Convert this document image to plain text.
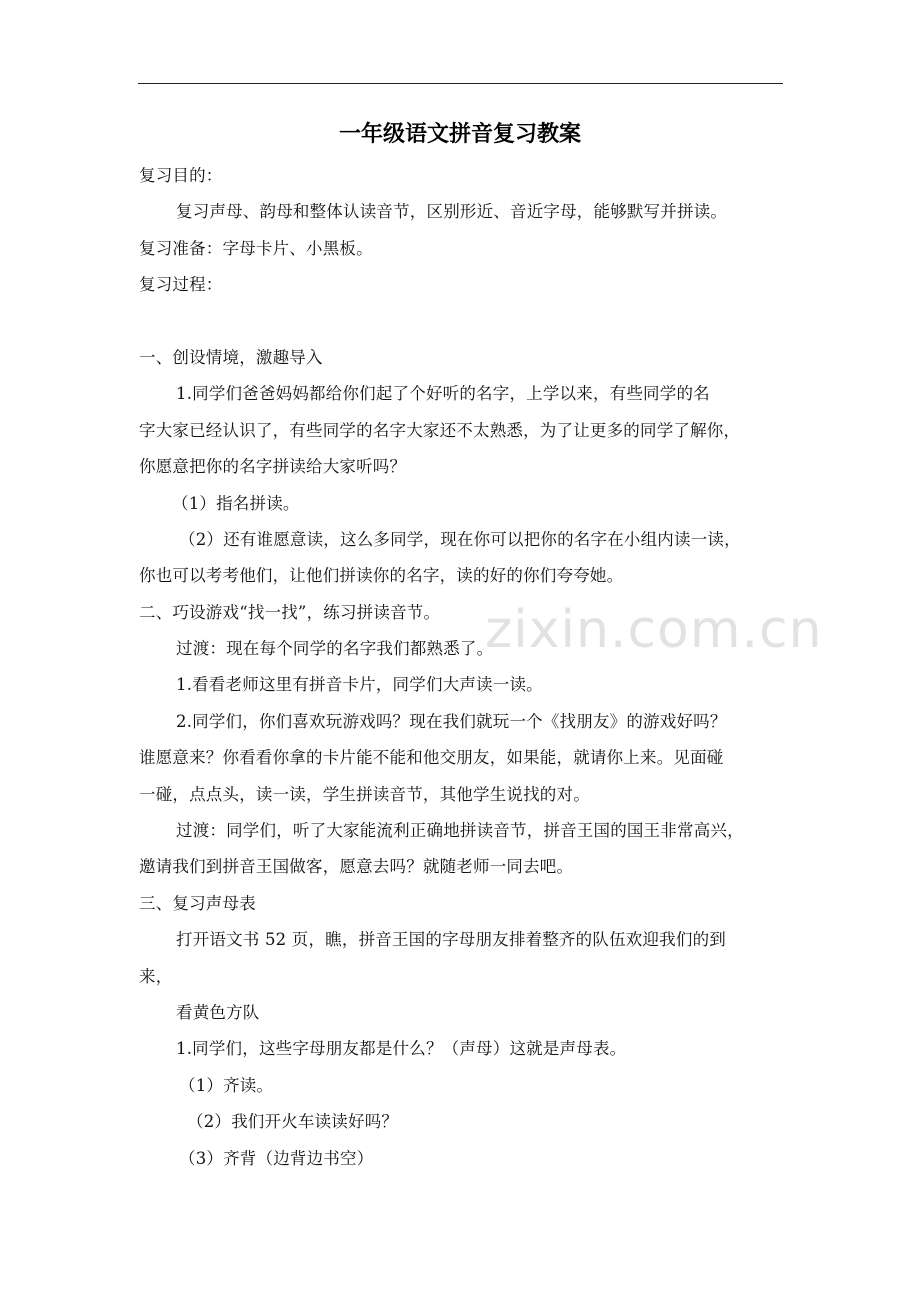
zixin.com.cn
一年级语文拼音复习教案
复习目的：
复习声母、韵母和整体认读音节，区别形近、音近字母，能够默写并拼读。
复习准备：字母卡片、小黑板。
复习过程：
一、创设情境，激趣导入
1.同学们爸爸妈妈都给你们起了个好听的名字，上学以来，有些同学的名
字大家已经认识了，有些同学的名字大家还不太熟悉，为了让更多的同学了解你，
你愿意把你的名字拼读给大家听吗？
（1）指名拼读。
（2）还有谁愿意读，这么多同学，现在你可以把你的名字在小组内读一读，
你也可以考考他们，让他们拼读你的名字，读的好的你们夸夸她。
二、巧设游戏“找一找”，练习拼读音节。
过渡：现在每个同学的名字我们都熟悉了。
1.看看老师这里有拼音卡片，同学们大声读一读。
2.同学们，你们喜欢玩游戏吗？现在我们就玩一个《找朋友》的游戏好吗？
谁愿意来？你看看你拿的卡片能不能和他交朋友，如果能，就请你上来。见面碰
一碰，点点头，读一读，学生拼读音节，其他学生说找的对。
过渡：同学们，听了大家能流利正确地拼读音节，拼音王国的国王非常高兴，
邀请我们到拼音王国做客，愿意去吗？就随老师一同去吧。
三、复习声母表
打开语文书 52 页，瞧，拼音王国的字母朋友排着整齐的队伍欢迎我们的到
来，
看黄色方队
1.同学们，这些字母朋友都是什么？（声母）这就是声母表。
（1）齐读。
（2）我们开火车读读好吗？
（3）齐背（边背边书空）
